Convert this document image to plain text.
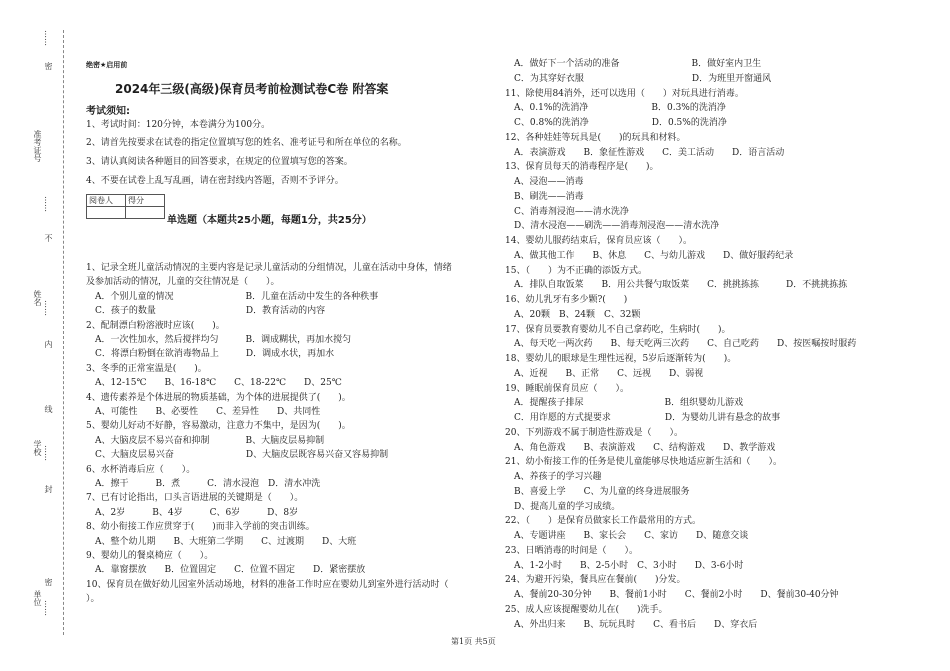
准考证号
姓名
学校
单位
密
不
内
线
封
密
……
……
……
……
……
绝密★启用前
2024年三级(高级)保育员考前检测试卷C卷 附答案
考试须知:
1、考试时间：120分钟，本卷满分为100分。
2、请首先按要求在试卷的指定位置填写您的姓名、准考证号和所在单位的名称。
3、请认真阅读各种题目的回答要求，在规定的位置填写您的答案。
4、不要在试卷上乱写乱画，请在密封线内答题，否则不予评分。
阅卷人	得分

单选题（本题共25小题，每题1分，共25分）
1、记录全班儿童活动情况的主要内容是记录儿童活动的分组情况，儿童在活动中身体，情绪
及参加活动的情况，儿童的交往情况是（　　）。
　A．个别儿童的情况　　　　　　　　B．儿童在活动中发生的各种秩事
　C．孩子的数量　　　　　　　　　　D．教育活动的内容
2、配制漂白粉溶液时应该(　　)。
　A．一次性加水，然后搅拌均匀　　　B．调成糊状，再加水搅匀
　C．将漂白粉倒在欲消毒物品上　　　D．调成水状，再加水
3、冬季的正常室温是(　　)。
　A、12-15℃　　B、16-18℃　　C、18-22℃　　D、25℃
4、遗传素养是个体进展的物质基础，为个体的进展提供了(　　)。
　A、可能性　　B、必要性　　C、差异性　　D、共同性
5、婴幼儿好动不好静，容易激动，注意力不集中，是因为(　　)。
　A、大脑皮层不易兴奋和抑制　　　　B、大脑皮层易抑制
　C、大脑皮层易兴奋　　　　　　　　D、大脑皮层既容易兴奋又容易抑制
6、水杯消毒后应（　　）。
　A．擦干　　　B．煮　　　C．清水浸泡　D．清水冲洗
7、已有讨论指出，口头言语进展的关键期是（　　）。
　A、2岁　　　B、4岁　　　C、6岁　　　D、8岁
8、幼小衔接工作应贯穿于(　　)而非入学前的突击训练。
　A、整个幼儿期　　B、大班第二学期　　C、过渡期　　D、大班
9、婴幼儿的餐桌椅应（　　）。
　A．靠窗摆放　　B．位置固定　　C．位置不固定　　D．紧密摆放
10、保育员在做好幼儿园室外活动场地，材料的准备工作时应在婴幼儿到室外进行活动时（
）。
　A．做好下一个活动的准备　　　　　　　　B．做好室内卫生
　C．为其穿好衣服　　　　　　　　　　　　D．为班里开窗通风
11、除使用84消外，还可以选用（　　）对玩具进行消毒。
　A、0.1%的洗消净　　　　　　　B．0.3%的洗消净
　C、0.8%的洗消净　　　　　　　D．0.5%的洗消净
12、各种娃娃等玩具是(　　)的玩具和材料。
　A．表演游戏　　B．象征性游戏　　C．美工活动　　D．语言活动
13、保育员每天的消毒程序是(　　)。
　A、浸泡——消毒
　B、刷洗——消毒
　C、消毒剂浸泡——清水洗净
　D、清水浸泡——刷洗——消毒剂浸泡——清水洗净
14、婴幼儿服药结束后，保育员应该（　　）。
　A、做其他工作　　B、休息　　C、与幼儿游戏　　D、做好服药纪录
15、（　　）为不正确的添饭方式。
　A．排队自取饭菜　　B．用公共餐勺取饭菜　　C．挑挑拣拣　　　D．不挑挑拣拣
16、幼儿乳牙有多少颗?(　　)
　A、20颗　B、24颗　C、32颗
17、保育员要教育婴幼儿不自己拿药吃，生病时(　　)。
　A、每天吃一两次药　　B、每天吃两三次药　　C、自己吃药　　D、按医嘱按时服药
18、婴幼儿的眼球是生理性远视，5岁后逐渐转为(　　)。
　A、近视　　B、正常　　C、远视　　D、弱视
19、睡眠前保育员应（　　）。
　A．提醒孩子排尿　　　　　　　　　B．组织婴幼儿游戏
　C．用诈愿的方式提要求　　　　　　D．为婴幼儿讲有悬念的故事
20、下列游戏不属于制造性游戏是（　　）。
　A、角色游戏　　B、表演游戏　　C、结构游戏　　D、教学游戏
21、幼小衔接工作的任务是使儿童能够尽快地适应新生活和（　　）。
　A、养孩子的学习兴趣
　B、喜爱上学　　C、为儿童的终身进展服务
　D、提高儿童的学习成绩。
22、（　　）是保育员做家长工作最常用的方式。
　A、专题讲座　　B、家长会　　C、家访　　D、随意交谈
23、日晒消毒的时间是（　　）。
　A、1-2小时　　B、2-5小时　C、3小时　　D、3-6小时
24、为避开污染，餐具应在餐前(　　)分发。
　A、餐前20-30分钟　　B、餐前1小时　　C、餐前2小时　　D、餐前30-40分钟
25、成人应该提醒婴幼儿在(　　)洗手。
　A、外出归来　　B、玩玩具时　　C、看书后　　D、穿衣后
第1页 共5页
